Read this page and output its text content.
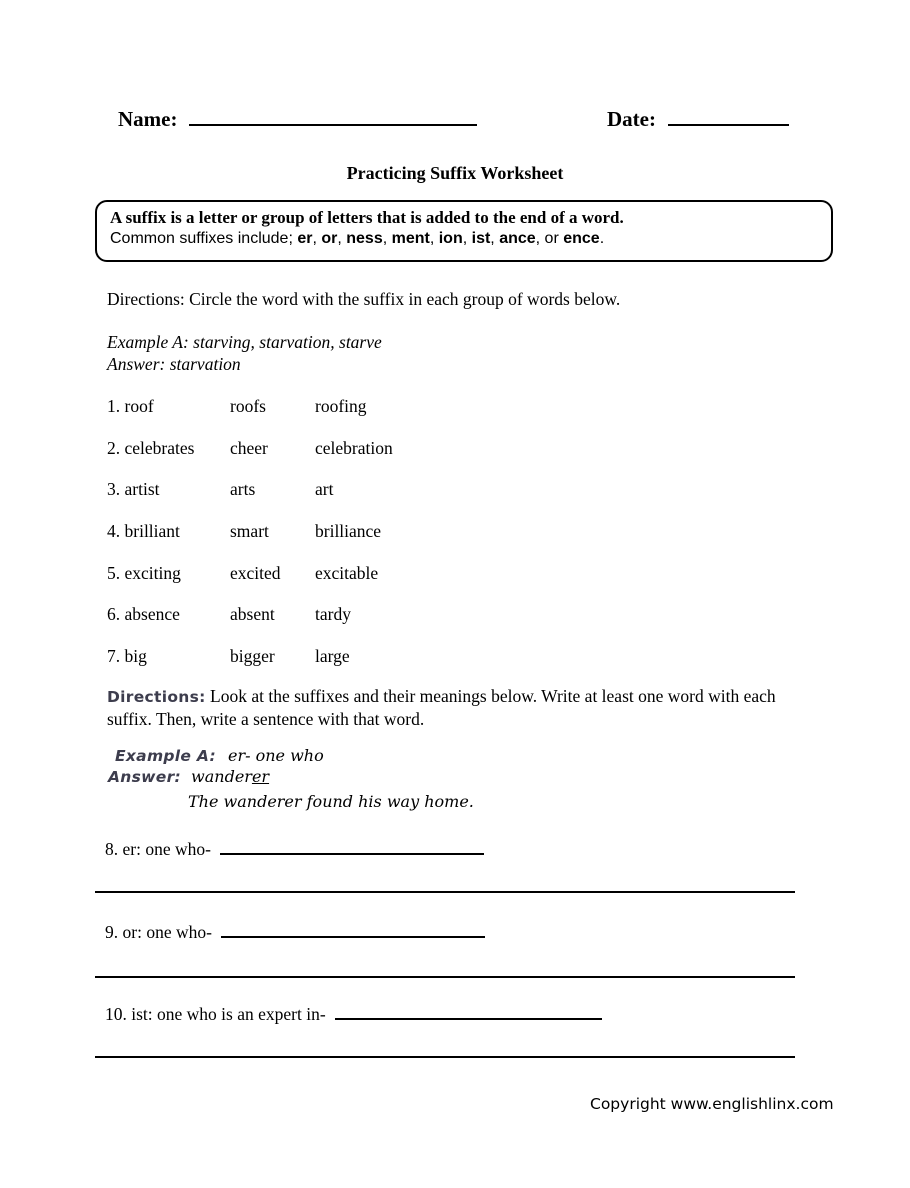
Name:	Date:
Practicing Suffix Worksheet
A suffix is a letter or group of letters that is added to the end of a word.
Common suffixes include; er, or, ness, ment, ion, ist, ance, or ence.
Directions: Circle the word with the suffix in each group of words below.
Example A: starving, starvation, starve
Answer: starvation
1. roof	roofs	roofing
2. celebrates	cheer	celebration
3. artist	arts	art
4. brilliant	smart	brilliance
5. exciting	excited	excitable
6. absence	absent	tardy
7. big	bigger	large
Directions: Look at the suffixes and their meanings below. Write at least one word with each suffix. Then, write a sentence with that word.
Example A: er- one who
Answer: wanderer
The wanderer found his way home.
8. er: one who-
9. or: one who-
10. ist: one who is an expert in-
Copyright www.englishlinx.com
